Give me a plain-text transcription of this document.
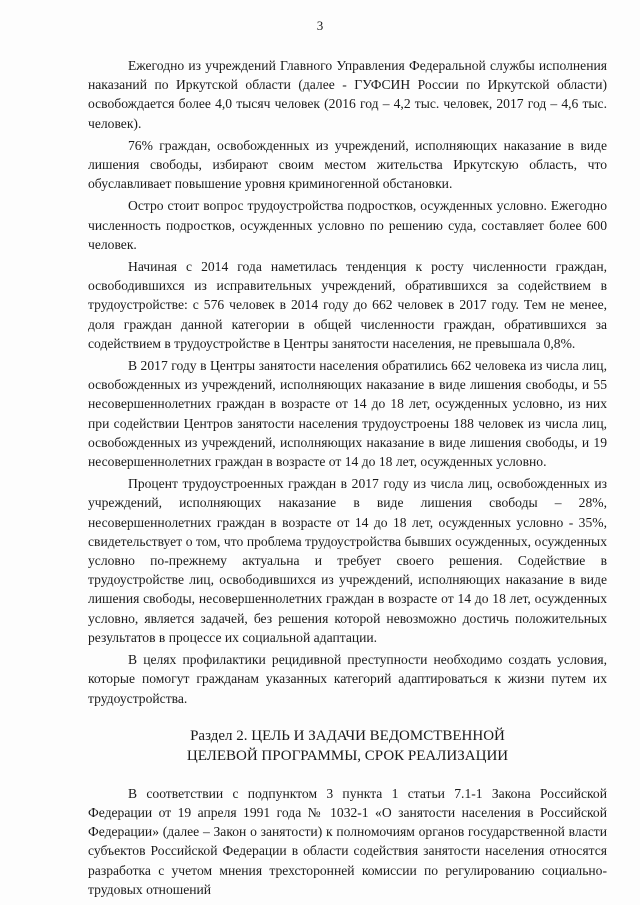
3

Ежегодно из учреждений Главного Управления Федеральной службы исполнения наказаний по Иркутской области (далее - ГУФСИН России по Иркутской области) освобождается более 4,0 тысяч человек (2016 год – 4,2 тыс. человек, 2017 год – 4,6 тыс. человек).

76% граждан, освобожденных из учреждений, исполняющих наказание в виде лишения свободы, избирают своим местом жительства Иркутскую область, что обуславливает повышение уровня криминогенной обстановки.

Остро стоит вопрос трудоустройства подростков, осужденных условно. Ежегодно численность подростков, осужденных условно по решению суда, составляет более 600 человек.

Начиная с 2014 года наметилась тенденция к росту численности граждан, освободившихся из исправительных учреждений, обратившихся за содействием в трудоустройстве: с 576 человек в 2014 году до 662 человек в 2017 году. Тем не менее, доля граждан данной категории в общей численности граждан, обратившихся за содействием в трудоустройстве в Центры занятости населения, не превышала 0,8%.

В 2017 году в Центры занятости населения обратились 662 человека из числа лиц, освобожденных из учреждений, исполняющих наказание в виде лишения свободы, и 55 несовершеннолетних граждан в возрасте от 14 до 18 лет, осужденных условно, из них при содействии Центров занятости населения трудоустроены 188 человек из числа лиц, освобожденных из учреждений, исполняющих наказание в виде лишения свободы, и 19 несовершеннолетних граждан в возрасте от 14 до 18 лет, осужденных условно.

Процент трудоустроенных граждан в 2017 году из числа лиц, освобожденных из учреждений, исполняющих наказание в виде лишения свободы – 28%, несовершеннолетних граждан в возрасте от 14 до 18 лет, осужденных условно - 35%, свидетельствует о том, что проблема трудоустройства бывших осужденных, осужденных условно по-прежнему актуальна и требует своего решения. Содействие в трудоустройстве лиц, освободившихся из учреждений, исполняющих наказание в виде лишения свободы, несовершеннолетних граждан в возрасте от 14 до 18 лет, осужденных условно, является задачей, без решения которой невозможно достичь положительных результатов в процессе их социальной адаптации.

В целях профилактики рецидивной преступности необходимо создать условия, которые помогут гражданам указанных категорий адаптироваться к жизни путем их трудоустройства.

Раздел 2. ЦЕЛЬ И ЗАДАЧИ ВЕДОМСТВЕННОЙ
ЦЕЛЕВОЙ ПРОГРАММЫ, СРОК РЕАЛИЗАЦИИ

В соответствии с подпунктом 3 пункта 1 статьи 7.1-1 Закона Российской Федерации от 19 апреля 1991 года № 1032-1 «О занятости населения в Российской Федерации» (далее – Закон о занятости) к полномочиям органов государственной власти субъектов Российской Федерации в области содействия занятости населения относятся разработка с учетом мнения трехсторонней комиссии по регулированию социально-трудовых отношений
